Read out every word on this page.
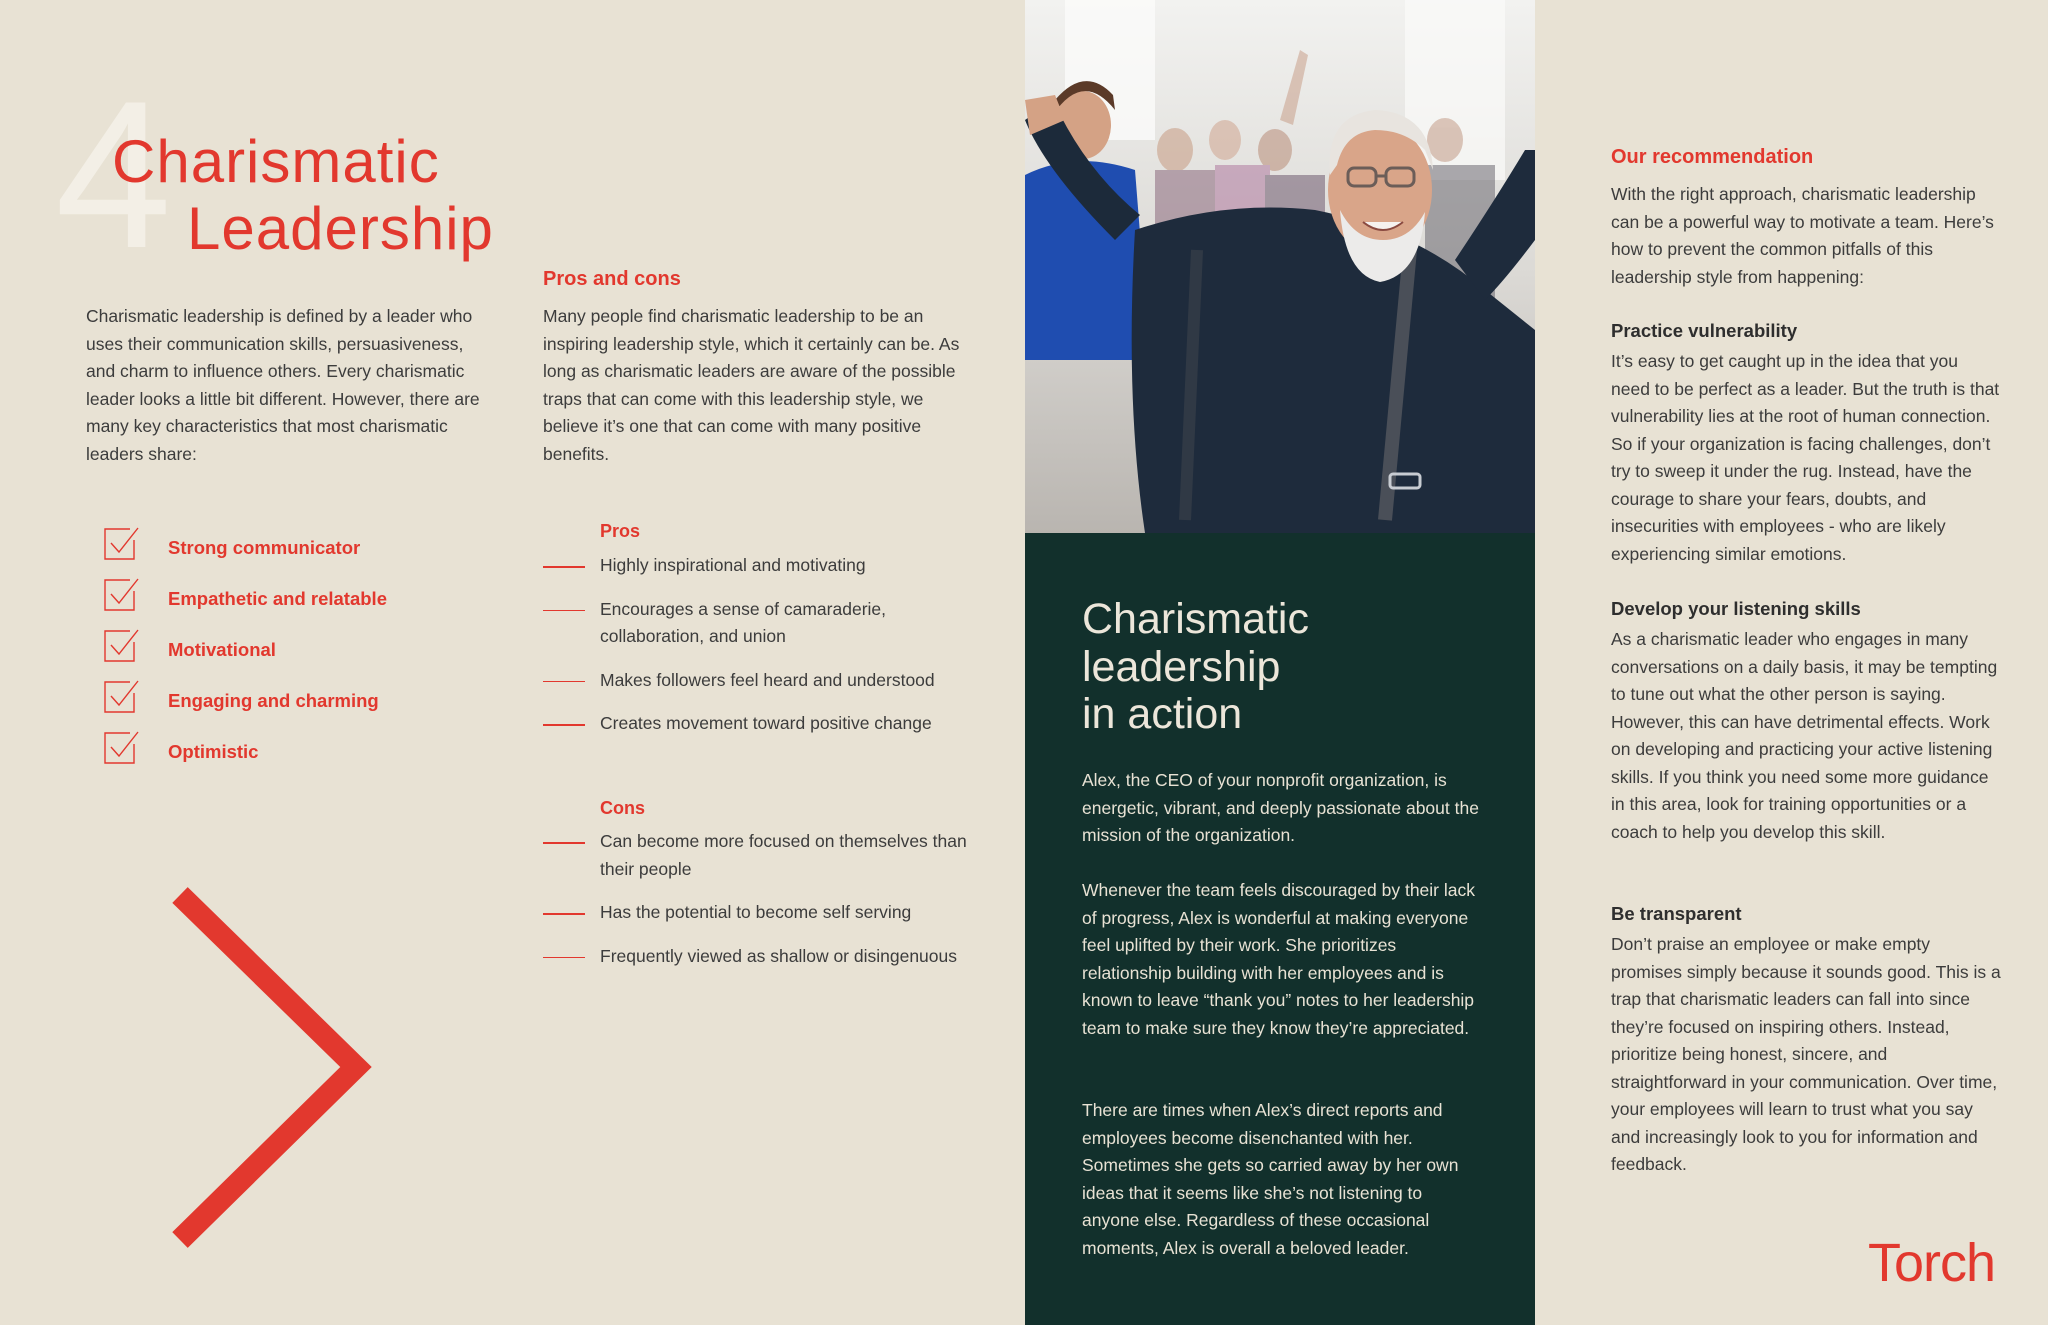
4
Charismatic
Leadership

Charismatic leadership is defined by a leader who uses their communication skills, persuasiveness, and charm to influence others. Every charismatic leader looks a little bit different. However, there are many key characteristics that most charismatic leaders share:

Strong communicator
Empathetic and relatable
Motivational
Engaging and charming
Optimistic
Pros and cons

Many people find charismatic leadership to be an inspiring leadership style, which it certainly can be. As long as charismatic leaders are aware of the possible traps that can come with this leadership style, we believe it’s one that can come with many positive benefits.

Pros
Highly inspirational and motivating
Encourages a sense of camaraderie, collaboration, and union
Makes followers feel heard and understood
Creates movement toward positive change
Cons
Can become more focused on themselves than their people
Has the potential to become self serving
Frequently viewed as shallow or disingenuous
Charismatic
leadership
in action

Alex, the CEO of your nonprofit organization, is energetic, vibrant, and deeply passionate about the mission of the organization.

Whenever the team feels discouraged by their lack of progress, Alex is wonderful at making everyone feel uplifted by their work. She prioritizes relationship building with her employees and is known to leave “thank you” notes to her leadership team to make sure they know they’re appreciated.

There are times when Alex’s direct reports and employees become disenchanted with her. Sometimes she gets so carried away by her own ideas that it seems like she’s not listening to anyone else. Regardless of these occasional moments, Alex is overall a beloved leader.

Our recommendation

With the right approach, charismatic leadership can be a powerful way to motivate a team. Here’s how to prevent the common pitfalls of this leadership style from happening:

Practice vulnerability

It’s easy to get caught up in the idea that you need to be perfect as a leader. But the truth is that vulnerability lies at the root of human connection. So if your organization is facing challenges, don’t try to sweep it under the rug. Instead, have the courage to share your fears, doubts, and insecurities with employees - who are likely experiencing similar emotions.

Develop your listening skills

As a charismatic leader who engages in many conversations on a daily basis, it may be tempting to tune out what the other person is saying. However, this can have detrimental effects. Work on developing and practicing your active listening skills. If you think you need some more guidance in this area, look for training opportunities or a coach to help you develop this skill.

Be transparent

Don’t praise an employee or make empty promises simply because it sounds good. This is a trap that charismatic leaders can fall into since they’re focused on inspiring others. Instead, prioritize being honest, sincere, and straightforward in your communication. Over time, your employees will learn to trust what you say and increasingly look to you for information and feedback.

Torch
